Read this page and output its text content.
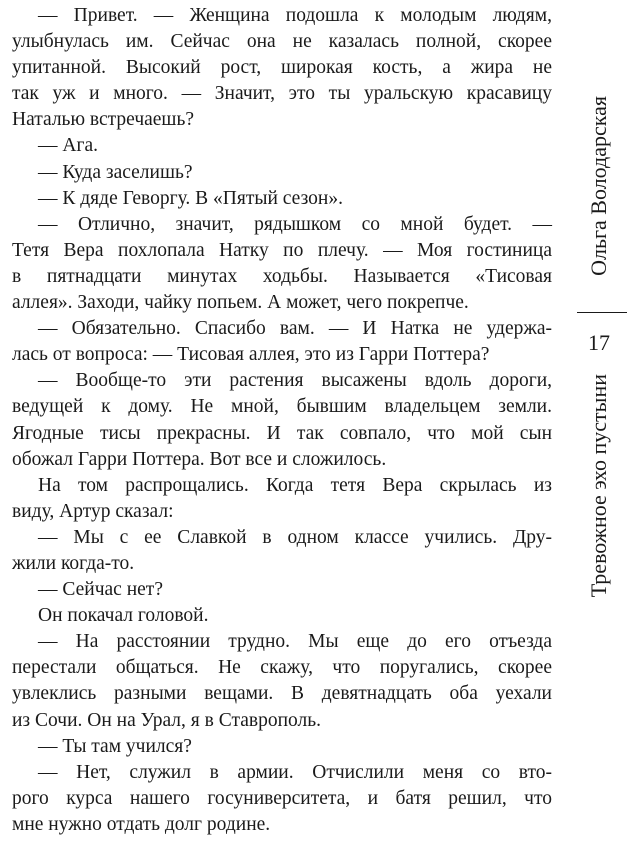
— Привет. — Женщина подошла к молодым людям,
улыбнулась им. Сейчас она не казалась полной, скорее
упитанной. Высокий рост, широкая кость, а жира не
так уж и много. — Значит, это ты уральскую красавицу
Наталью встречаешь?
— Ага.
— Куда заселишь?
— К дяде Геворгу. В «Пятый сезон».
— Отлично, значит, рядышком со мной будет. —
Тетя Вера похлопала Натку по плечу. — Моя гостиница
в пятнадцати минутах ходьбы. Называется «Тисовая
аллея». Заходи, чайку попьем. А может, чего покрепче.
— Обязательно. Спасибо вам. — И Натка не удержа-
лась от вопроса: — Тисовая аллея, это из Гарри Поттера?
— Вообще-то эти растения высажены вдоль дороги,
ведущей к дому. Не мной, бывшим владельцем земли.
Ягодные тисы прекрасны. И так совпало, что мой сын
обожал Гарри Поттера. Вот все и сложилось.
На том распрощались. Когда тетя Вера скрылась из
виду, Артур сказал:
— Мы с ее Славкой в одном классе учились. Дру-
жили когда-то.
— Сейчас нет?
Он покачал головой.
— На расстоянии трудно. Мы еще до его отъезда
перестали общаться. Не скажу, что поругались, скорее
увлеклись разными вещами. В девятнадцать оба уехали
из Сочи. Он на Урал, я в Ставрополь.
— Ты там учился?
— Нет, служил в армии. Отчислили меня со вто-
рого курса нашего госуниверситета, и батя решил, что
мне нужно отдать долг родине.
Ольга Володарская
17
Тревожное эхо пустыни
